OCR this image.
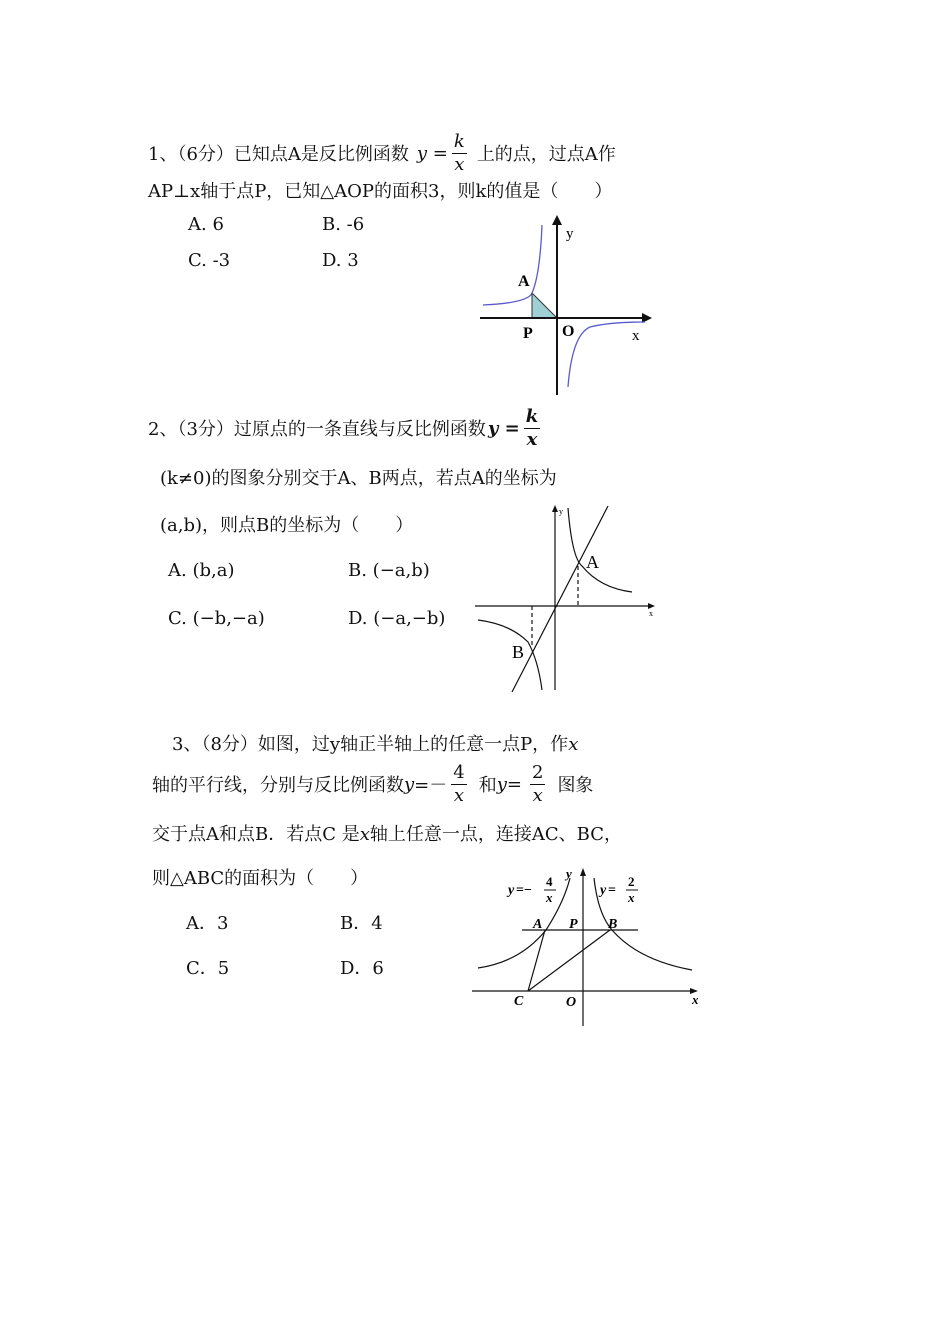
1、（6分）已知点A是反比例函数 $y = \frac{k}{x}$ 上的点，过点A作
AP⊥x轴于点P，已知△AOP的面积3，则k的值是（　　）
A. 6	B. -6
C. -3	D. 3
A
P O	x
y
2、（3分）过原点的一条直线与反比例函数 $y = \frac{k}{x}$
(k≠0)的图象分别交于A、B两点，若点A的坐标为
(a,b)，则点B的坐标为（　　）
A. (b,a)	B. (−a,b)
C. (−b,−a)	D. (−a,−b)
A
B
x
y
3、（8分）如图，过y轴正半轴上的任意一点P，作x
轴的平行线，分别与反比例函数 $y =- \frac{4}{x}$ 和 $y = \frac{2}{x}$ 图象
交于点A和点B．若点C 是x轴上任意一点，连接AC、BC，
则△ABC的面积为（　　）
A．3	B．4
C．5	D．6
y =−
4
x	y =
2
x
A P B
C	O	x
y
